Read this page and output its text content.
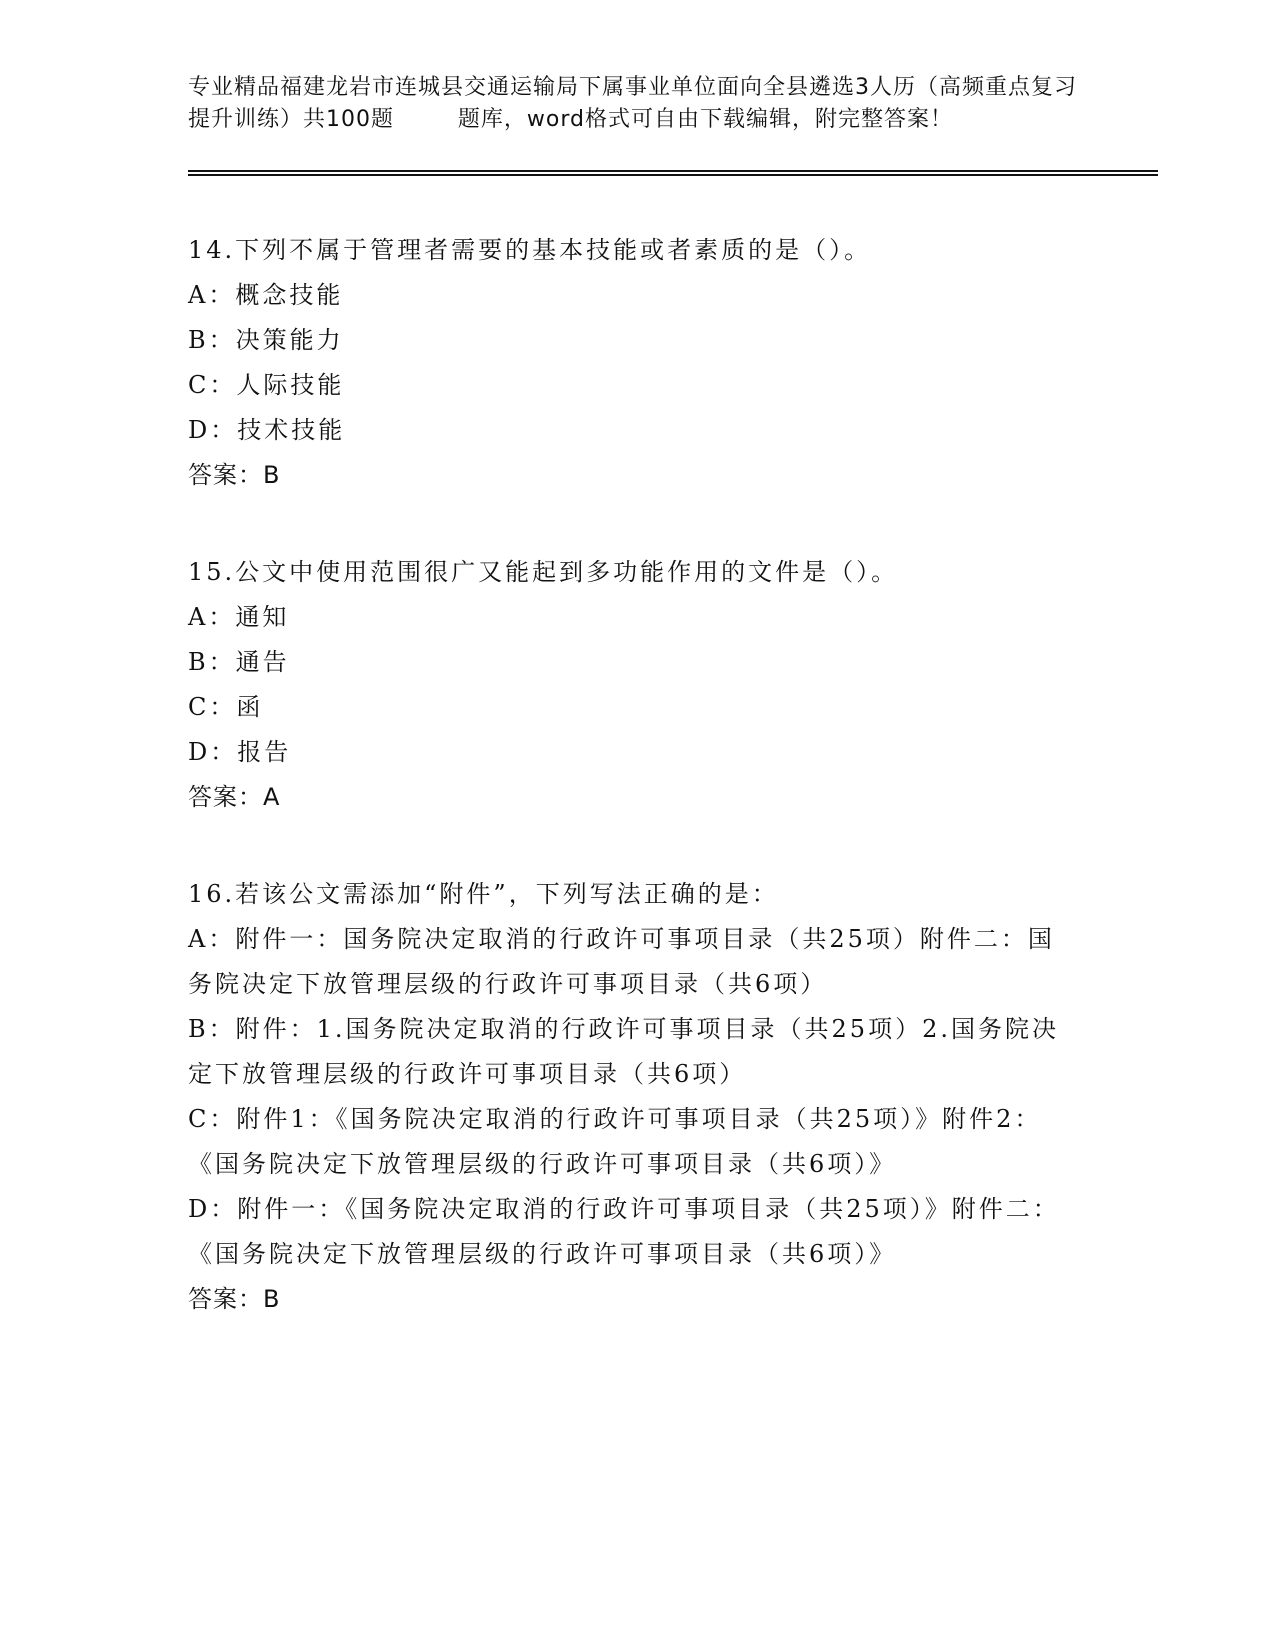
专业精品福建龙岩市连城县交通运输局下属事业单位面向全县遴选3人历（高频重点复习提升训练）共100题        题库，word格式可自由下载编辑，附完整答案！

14.下列不属于管理者需要的基本技能或者素质的是（）。

A：概念技能

B：决策能力

C：人际技能

D：技术技能

答案：B

15.公文中使用范围很广又能起到多功能作用的文件是（）。

A：通知

B：通告

C：函

D：报告

答案：A

16.若该公文需添加“附件”，下列写法正确的是：

A：附件一：国务院决定取消的行政许可事项目录（共25项）附件二：国务院决定下放管理层级的行政许可事项目录（共6项）

B：附件：1.国务院决定取消的行政许可事项目录（共25项）2.国务院决定下放管理层级的行政许可事项目录（共6项）

C：附件1：《国务院决定取消的行政许可事项目录（共25项）》附件2：《国务院决定下放管理层级的行政许可事项目录（共6项）》

D：附件一：《国务院决定取消的行政许可事项目录（共25项）》附件二：《国务院决定下放管理层级的行政许可事项目录（共6项）》

答案：B
